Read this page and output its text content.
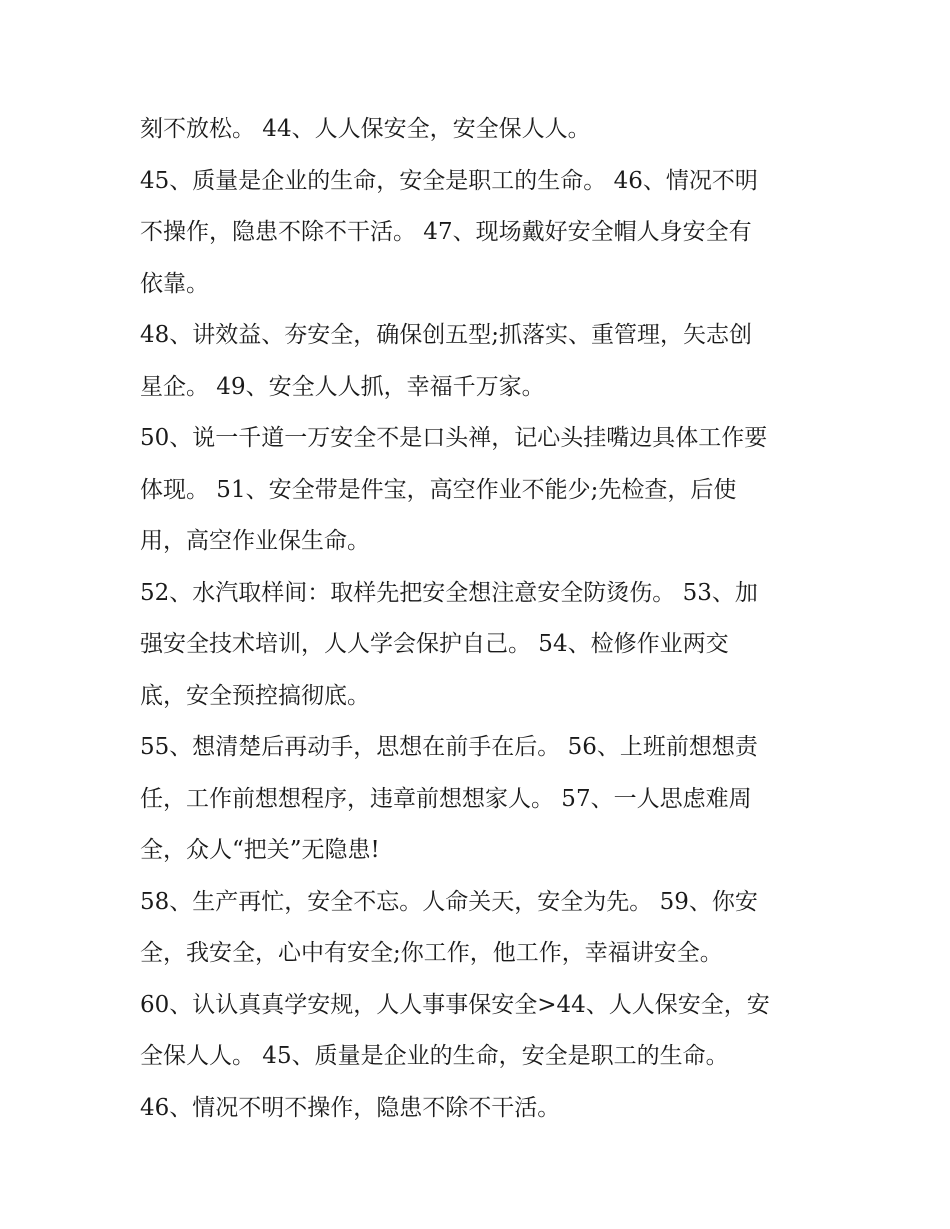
刻不放松。 44、人人保安全，安全保人人。
45、质量是企业的生命，安全是职工的生命。 46、情况不明
不操作，隐患不除不干活。 47、现场戴好安全帽人身安全有
依靠。
48、讲效益、夯安全，确保创五型;抓落实、重管理，矢志创
星企。 49、安全人人抓，幸福千万家。
50、说一千道一万安全不是口头禅，记心头挂嘴边具体工作要
体现。 51、安全带是件宝，高空作业不能少;先检查，后使
用，高空作业保生命。
52、水汽取样间：取样先把安全想注意安全防烫伤。 53、加
强安全技术培训，人人学会保护自己。 54、检修作业两交
底，安全预控搞彻底。
55、想清楚后再动手，思想在前手在后。 56、上班前想想责
任，工作前想想程序，违章前想想家人。 57、一人思虑难周
全，众人“把关”无隐患!
58、生产再忙，安全不忘。人命关天，安全为先。 59、你安
全，我安全，心中有安全;你工作，他工作，幸福讲安全。
60、认认真真学安规，人人事事保安全>44、人人保安全，安
全保人人。 45、质量是企业的生命，安全是职工的生命。
46、情况不明不操作，隐患不除不干活。
